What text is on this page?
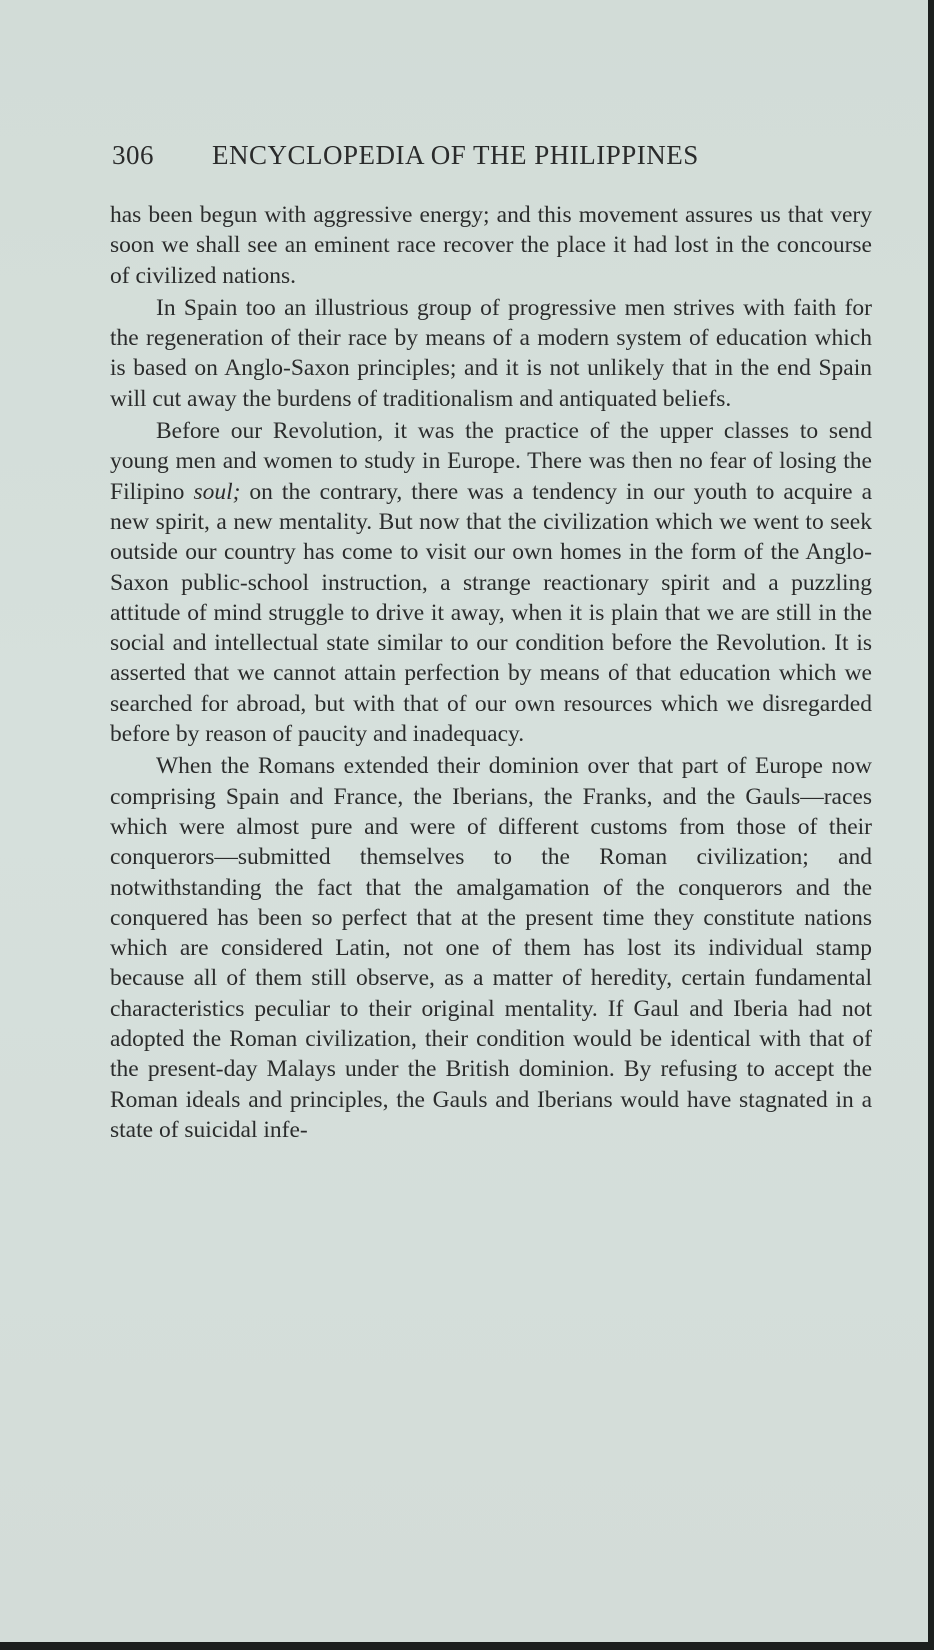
306 ENCYCLOPEDIA OF THE PHILIPPINES

has been begun with aggressive energy; and this movement assures us that very soon we shall see an eminent race recover the place it had lost in the concourse of civilized nations.

In Spain too an illustrious group of progressive men strives with faith for the regeneration of their race by means of a modern system of education which is based on Anglo-Saxon principles; and it is not unlikely that in the end Spain will cut away the burdens of traditionalism and antiquated beliefs.

Before our Revolution, it was the practice of the upper classes to send young men and women to study in Europe. There was then no fear of losing the Filipino soul; on the contrary, there was a tendency in our youth to acquire a new spirit, a new mentality. But now that the civilization which we went to seek outside our country has come to visit our own homes in the form of the Anglo-Saxon public-school instruction, a strange reactionary spirit and a puzzling attitude of mind struggle to drive it away, when it is plain that we are still in the social and intellectual state similar to our condition before the Revolution. It is asserted that we cannot attain perfection by means of that education which we searched for abroad, but with that of our own resources which we disregarded before by reason of paucity and inadequacy.

When the Romans extended their dominion over that part of Europe now comprising Spain and France, the Iberians, the Franks, and the Gauls—races which were almost pure and were of different customs from those of their conquerors—submitted themselves to the Roman civilization; and notwithstanding the fact that the amalgamation of the conquerors and the conquered has been so perfect that at the present time they constitute nations which are considered Latin, not one of them has lost its individual stamp because all of them still observe, as a matter of heredity, certain fundamental characteristics peculiar to their original mentality. If Gaul and Iberia had not adopted the Roman civilization, their condition would be identical with that of the present-day Malays under the British dominion. By refusing to accept the Roman ideals and principles, the Gauls and Iberians would have stagnated in a state of suicidal infe-
